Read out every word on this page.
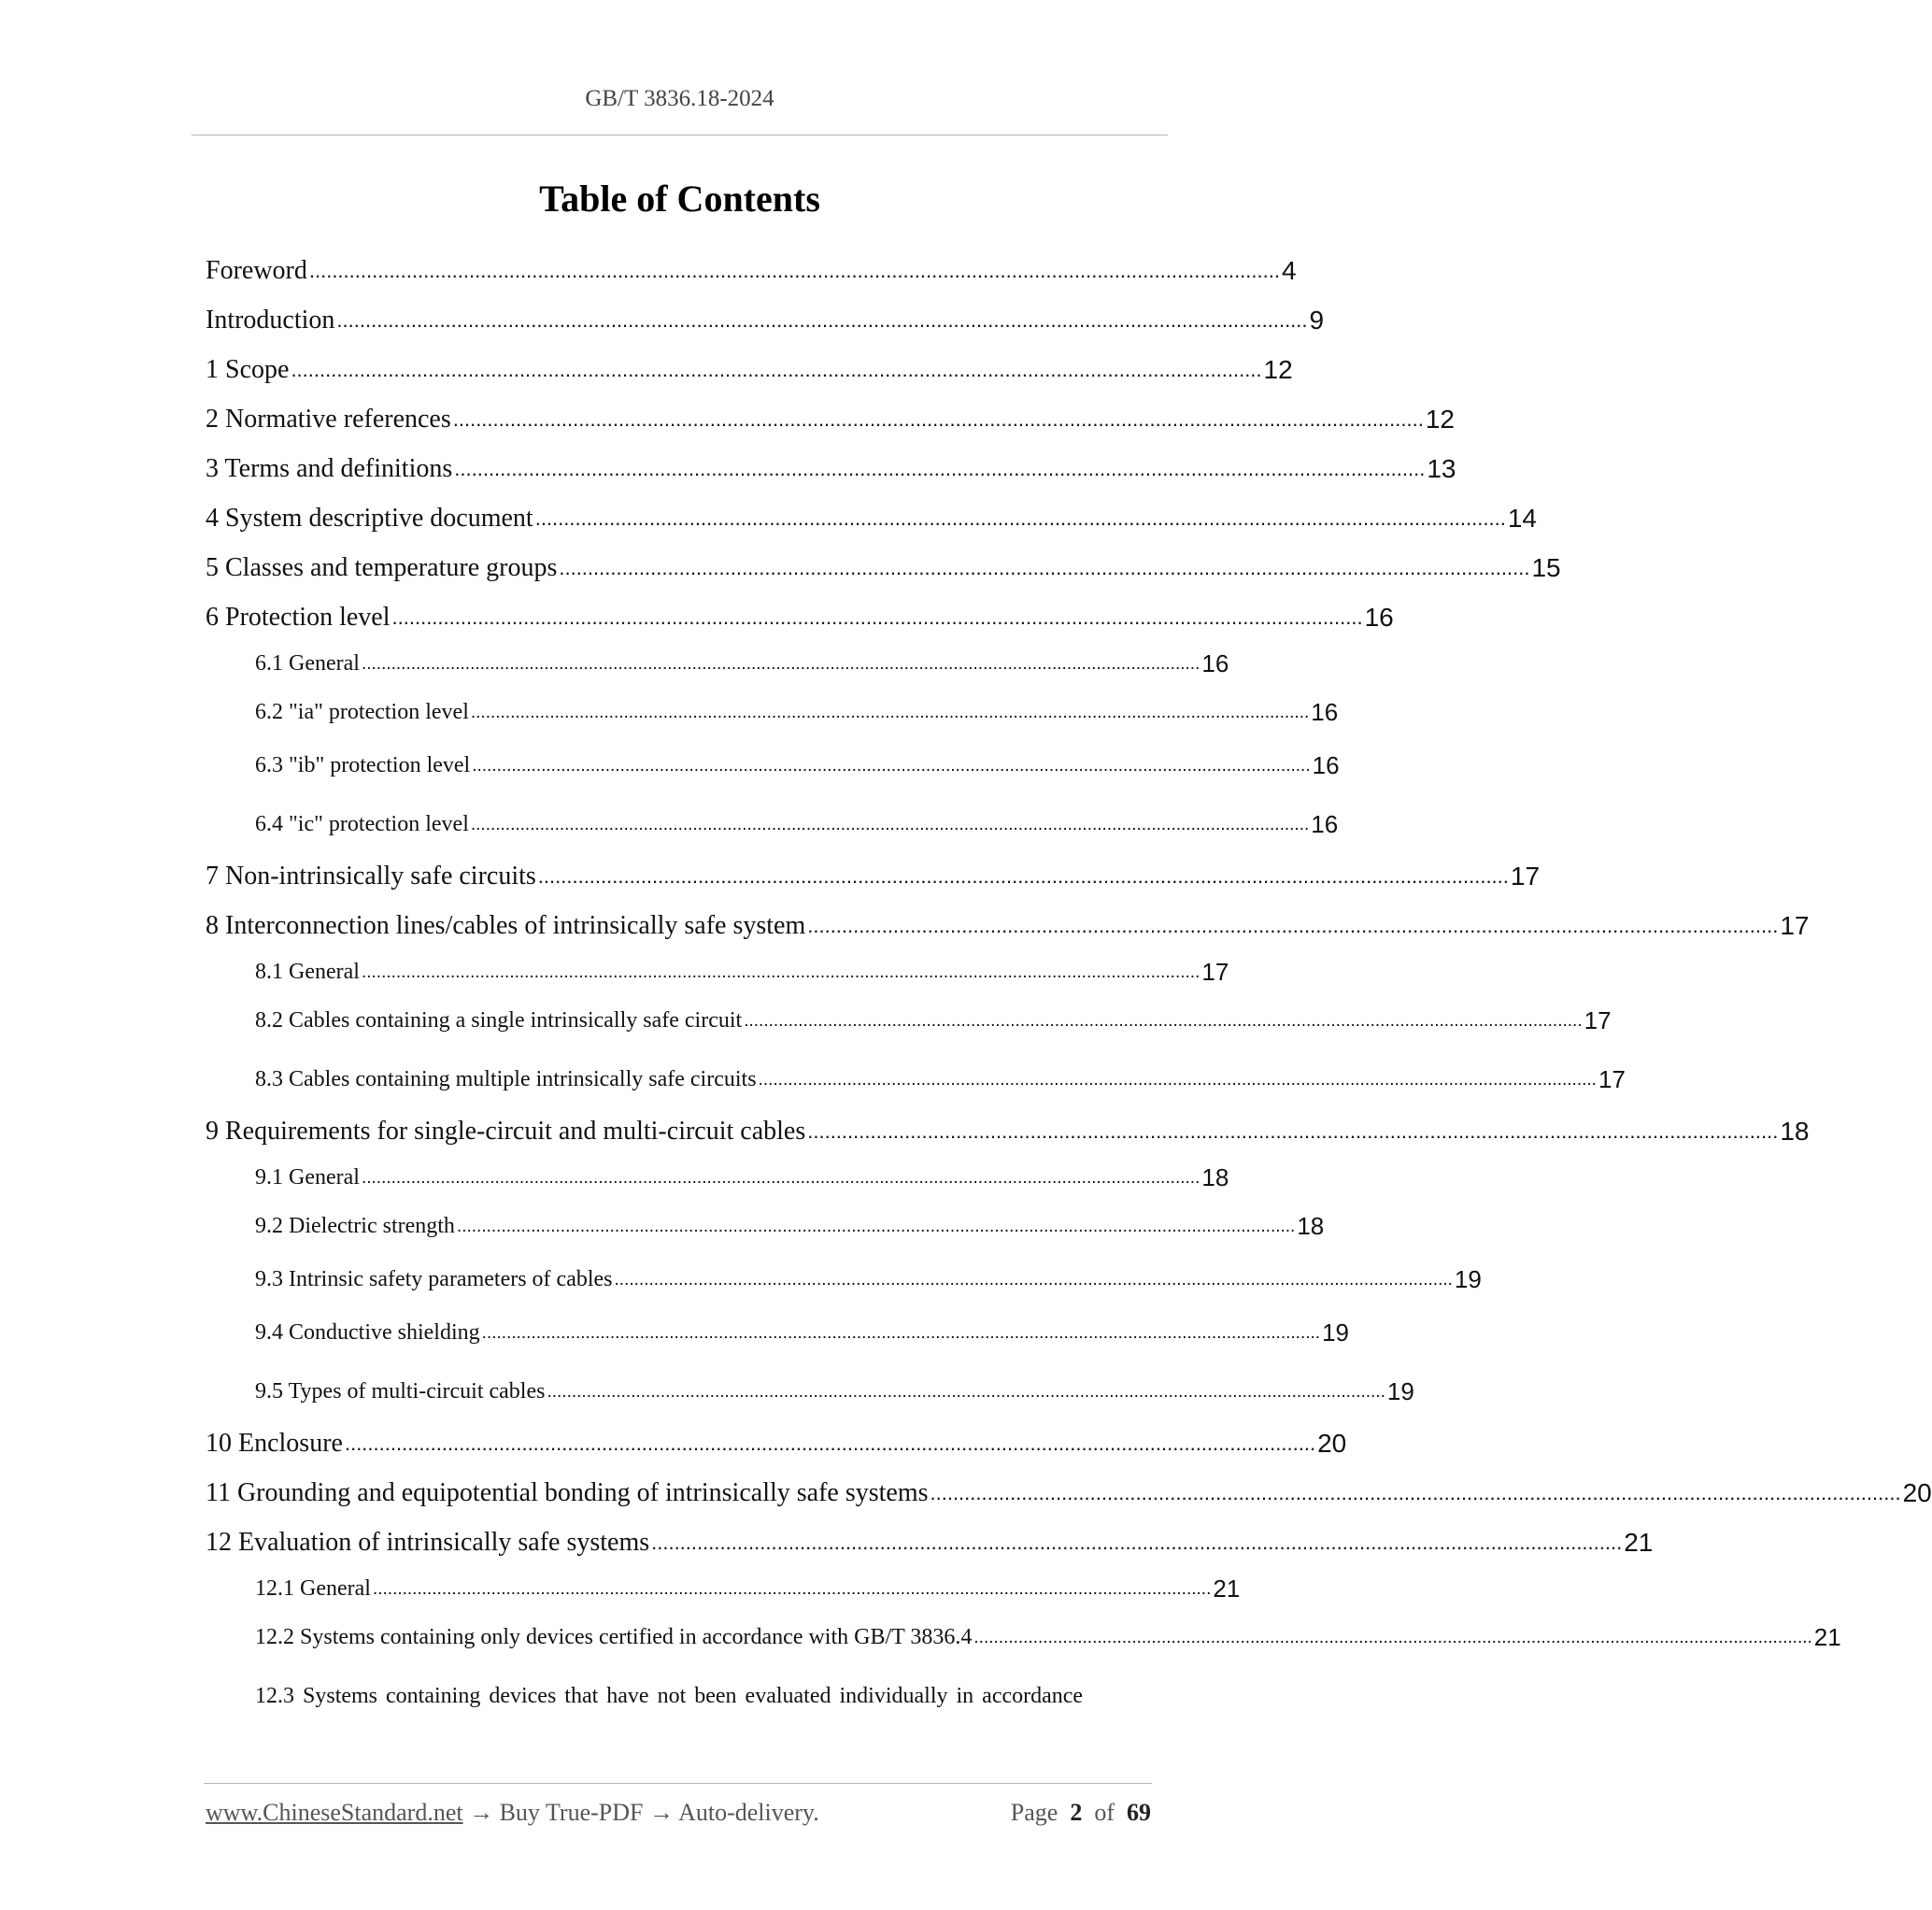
GB/T 3836.18-2024
Table of Contents
Foreword .......................................................................................................................................................................... 4
Introduction .......................................................................................................................................................................... 9
1 Scope .......................................................................................................................................................................... 12
2 Normative references .......................................................................................................................................................................... 12
3 Terms and definitions .......................................................................................................................................................................... 13
4 System descriptive document .......................................................................................................................................................................... 14
5 Classes and temperature groups .......................................................................................................................................................................... 15
6 Protection level .......................................................................................................................................................................... 16
6.1 General .......................................................................................................................................................................... 16
6.2 "ia" protection level .......................................................................................................................................................................... 16
6.3 "ib" protection level .......................................................................................................................................................................... 16
6.4 "ic" protection level .......................................................................................................................................................................... 16
7 Non-intrinsically safe circuits .......................................................................................................................................................................... 17
8 Interconnection lines/cables of intrinsically safe system .......................................................................................................................................................................... 17
8.1 General .......................................................................................................................................................................... 17
8.2 Cables containing a single intrinsically safe circuit .......................................................................................................................................................................... 17
8.3 Cables containing multiple intrinsically safe circuits .......................................................................................................................................................................... 17
9 Requirements for single-circuit and multi-circuit cables .......................................................................................................................................................................... 18
9.1 General .......................................................................................................................................................................... 18
9.2 Dielectric strength .......................................................................................................................................................................... 18
9.3 Intrinsic safety parameters of cables .......................................................................................................................................................................... 19
9.4 Conductive shielding .......................................................................................................................................................................... 19
9.5 Types of multi-circuit cables .......................................................................................................................................................................... 19
10 Enclosure .......................................................................................................................................................................... 20
11 Grounding and equipotential bonding of intrinsically safe systems .......................................................................................................................................................................... 20
12 Evaluation of intrinsically safe systems .......................................................................................................................................................................... 21
12.1 General .......................................................................................................................................................................... 21
12.2 Systems containing only devices certified in accordance with GB/T 3836.4 .......................................................................................................................................................................... 21
12.3 Systems containing devices that have not been evaluated individually in accordance
www.ChineseStandard.net → Buy True-PDF → Auto-delivery.	Page 2 of 69
